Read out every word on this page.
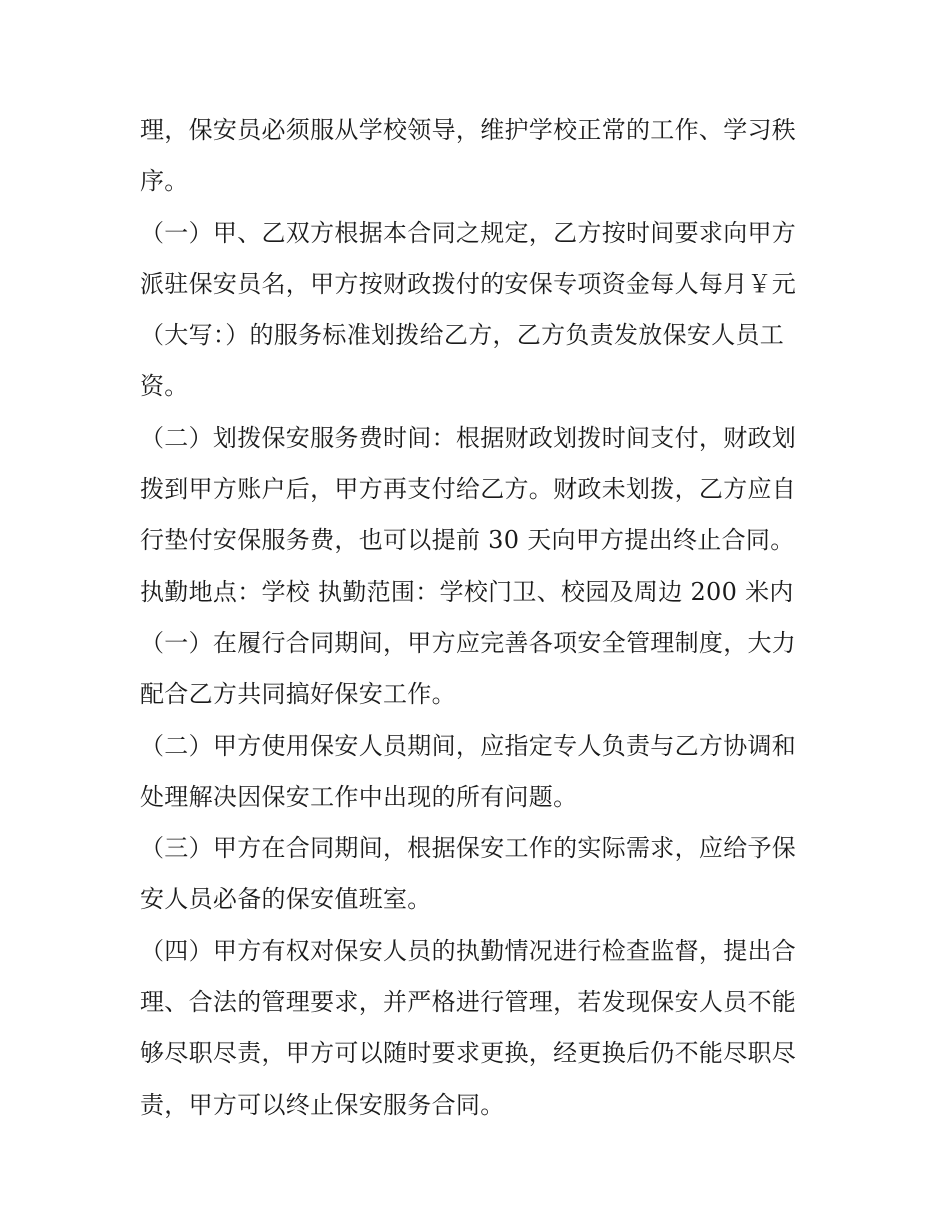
理，保安员必须服从学校领导，维护学校正常的工作、学习秩
序。
（一）甲、乙双方根据本合同之规定，乙方按时间要求向甲方
派驻保安员名，甲方按财政拨付的安保专项资金每人每月￥元
（大写：）的服务标准划拨给乙方，乙方负责发放保安人员工
资。
（二）划拨保安服务费时间：根据财政划拨时间支付，财政划
拨到甲方账户后，甲方再支付给乙方。财政未划拨，乙方应自
行垫付安保服务费，也可以提前 30 天向甲方提出终止合同。
执勤地点：学校 执勤范围：学校门卫、校园及周边 200 米内
（一）在履行合同期间，甲方应完善各项安全管理制度，大力
配合乙方共同搞好保安工作。
（二）甲方使用保安人员期间，应指定专人负责与乙方协调和
处理解决因保安工作中出现的所有问题。
（三）甲方在合同期间，根据保安工作的实际需求，应给予保
安人员必备的保安值班室。
（四）甲方有权对保安人员的执勤情况进行检查监督，提出合
理、合法的管理要求，并严格进行管理，若发现保安人员不能
够尽职尽责，甲方可以随时要求更换，经更换后仍不能尽职尽
责，甲方可以终止保安服务合同。
